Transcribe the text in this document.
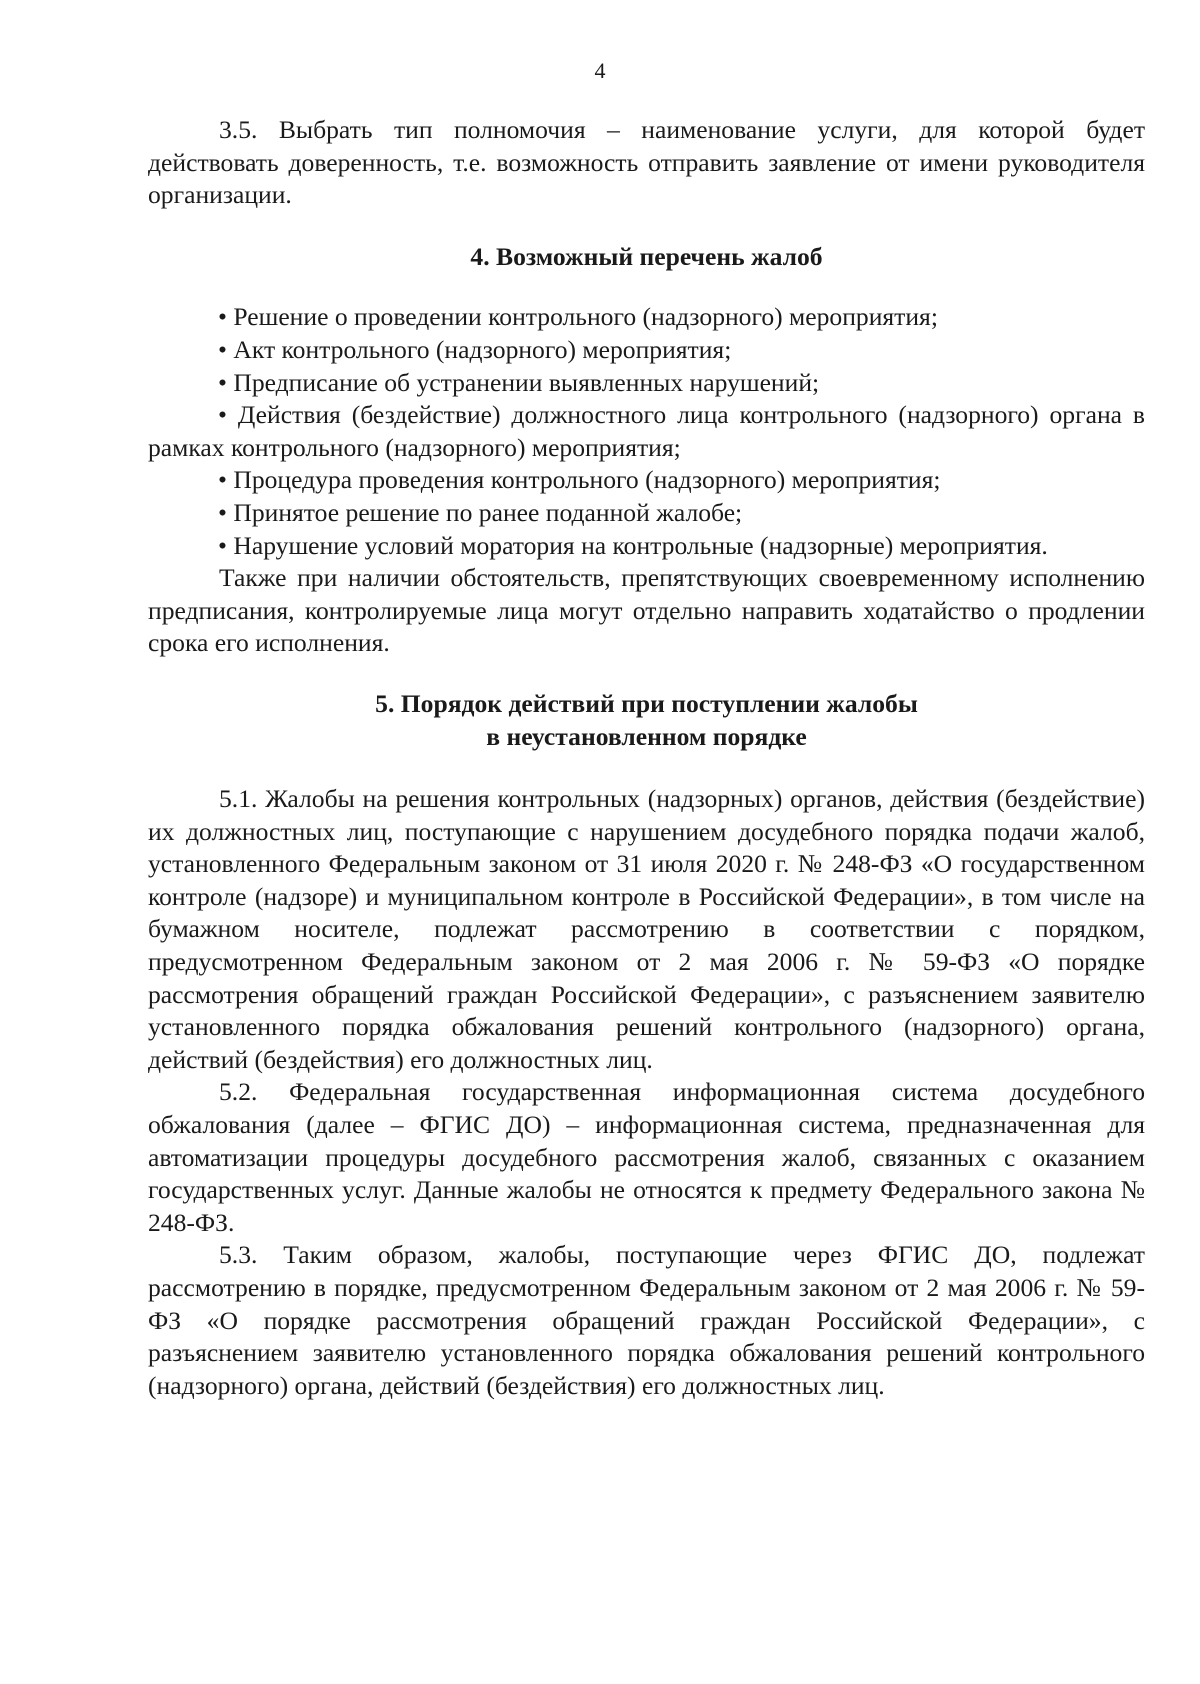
4

3.5. Выбрать тип полномочия – наименование услуги, для которой будет действовать доверенность, т.е. возможность отправить заявление от имени руководителя организации.

4. Возможный перечень жалоб

• Решение о проведении контрольного (надзорного) мероприятия;

• Акт контрольного (надзорного) мероприятия;

• Предписание об устранении выявленных нарушений;

• Действия (бездействие) должностного лица контрольного (надзорного) органа в рамках контрольного (надзорного) мероприятия;

• Процедура проведения контрольного (надзорного) мероприятия;

• Принятое решение по ранее поданной жалобе;

• Нарушение условий моратория на контрольные (надзорные) мероприятия.

Также при наличии обстоятельств, препятствующих своевременному исполнению предписания, контролируемые лица могут отдельно направить ходатайство о продлении срока его исполнения.

5. Порядок действий при поступлении жалобы
в неустановленном порядке

5.1. Жалобы на решения контрольных (надзорных) органов, действия (бездействие) их должностных лиц, поступающие с нарушением досудебного порядка подачи жалоб, установленного Федеральным законом от 31 июля 2020 г. № 248-ФЗ «О государственном контроле (надзоре) и муниципальном контроле в Российской Федерации», в том числе на бумажном носителе, подлежат рассмотрению в соответствии с порядком, предусмотренном Федеральным законом от 2 мая 2006 г. № 59-ФЗ «О порядке рассмотрения обращений граждан Российской Федерации», с разъяснением заявителю установленного порядка обжалования решений контрольного (надзорного) органа, действий (бездействия) его должностных лиц.

5.2. Федеральная государственная информационная система досудебного обжалования (далее – ФГИС ДО) – информационная система, предназначенная для автоматизации процедуры досудебного рассмотрения жалоб, связанных с оказанием государственных услуг. Данные жалобы не относятся к предмету Федерального закона № 248-ФЗ.

5.3. Таким образом, жалобы, поступающие через ФГИС ДО, подлежат рассмотрению в порядке, предусмотренном Федеральным законом от 2 мая 2006 г. № 59-ФЗ «О порядке рассмотрения обращений граждан Российской Федерации», с разъяснением заявителю установленного порядка обжалования решений контрольного (надзорного) органа, действий (бездействия) его должностных лиц.
